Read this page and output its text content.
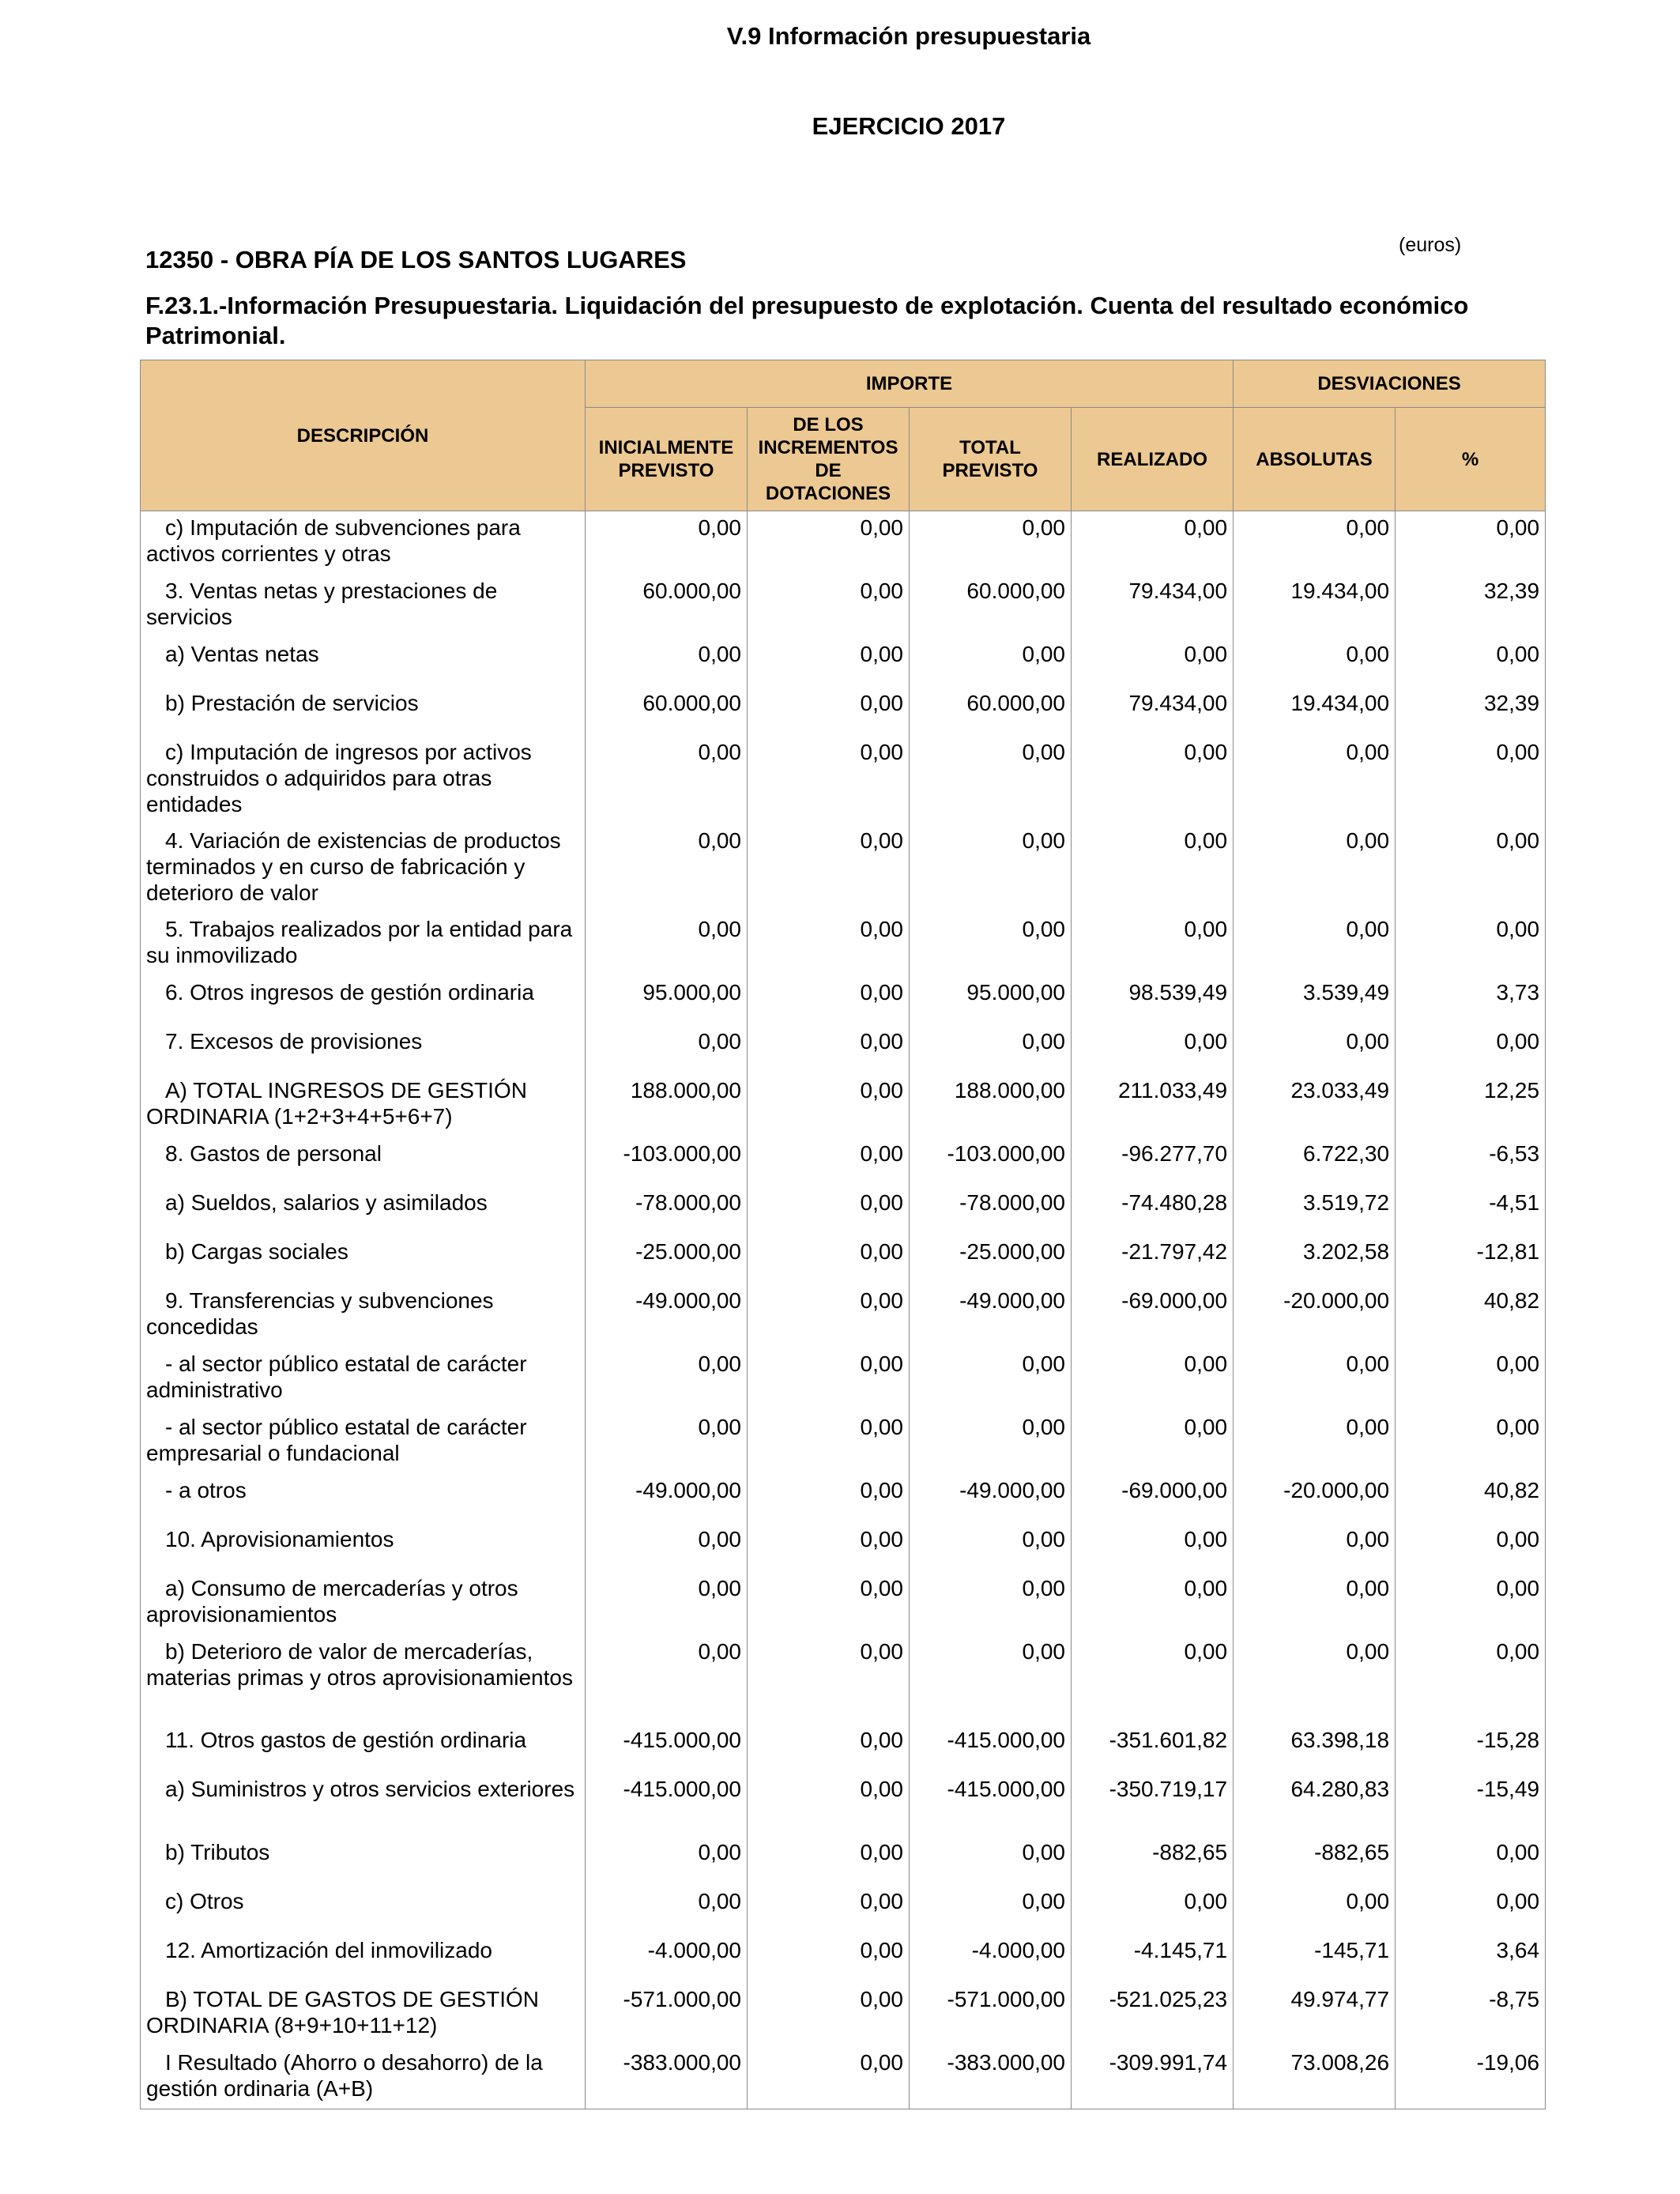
V.9 Información presupuestaria
EJERCICIO 2017
12350 - OBRA PÍA DE LOS SANTOS LUGARES
(euros)
F.23.1.-Información Presupuestaria. Liquidación del presupuesto de explotación. Cuenta del resultado económico Patrimonial.
DESCRIPCIÓN	IMPORTE				DESVIACIONES	
	INICIALMENTE PREVISTO	DE LOS INCREMENTOS DE DOTACIONES	TOTAL PREVISTO	REALIZADO	ABSOLUTAS	%
c) Imputación de subvenciones para activos corrientes y otras	0,00	0,00	0,00	0,00	0,00	0,00
3. Ventas netas y prestaciones de servicios	60.000,00	0,00	60.000,00	79.434,00	19.434,00	32,39
a) Ventas netas	0,00	0,00	0,00	0,00	0,00	0,00
b) Prestación de servicios	60.000,00	0,00	60.000,00	79.434,00	19.434,00	32,39
c) Imputación de ingresos por activos construidos o adquiridos para otras entidades	0,00	0,00	0,00	0,00	0,00	0,00
4. Variación de existencias de productos terminados y en curso de fabricación y deterioro de valor	0,00	0,00	0,00	0,00	0,00	0,00
5. Trabajos realizados por la entidad para su inmovilizado	0,00	0,00	0,00	0,00	0,00	0,00
6. Otros ingresos de gestión ordinaria	95.000,00	0,00	95.000,00	98.539,49	3.539,49	3,73
7. Excesos de provisiones	0,00	0,00	0,00	0,00	0,00	0,00
A) TOTAL INGRESOS DE GESTIÓN ORDINARIA (1+2+3+4+5+6+7)	188.000,00	0,00	188.000,00	211.033,49	23.033,49	12,25
8. Gastos de personal	-103.000,00	0,00	-103.000,00	-96.277,70	6.722,30	-6,53
a) Sueldos, salarios y asimilados	-78.000,00	0,00	-78.000,00	-74.480,28	3.519,72	-4,51
b) Cargas sociales	-25.000,00	0,00	-25.000,00	-21.797,42	3.202,58	-12,81
9. Transferencias y subvenciones concedidas	-49.000,00	0,00	-49.000,00	-69.000,00	-20.000,00	40,82
- al sector público estatal de carácter administrativo	0,00	0,00	0,00	0,00	0,00	0,00
- al sector público estatal de carácter empresarial o fundacional	0,00	0,00	0,00	0,00	0,00	0,00
- a otros	-49.000,00	0,00	-49.000,00	-69.000,00	-20.000,00	40,82
10. Aprovisionamientos	0,00	0,00	0,00	0,00	0,00	0,00
a) Consumo de mercaderías y otros aprovisionamientos	0,00	0,00	0,00	0,00	0,00	0,00
b) Deterioro de valor de mercaderías, materias primas y otros aprovisionamientos	0,00	0,00	0,00	0,00	0,00	0,00
11. Otros gastos de gestión ordinaria	-415.000,00	0,00	-415.000,00	-351.601,82	63.398,18	-15,28
a) Suministros y otros servicios exteriores	-415.000,00	0,00	-415.000,00	-350.719,17	64.280,83	-15,49
b) Tributos	0,00	0,00	0,00	-882,65	-882,65	0,00
c) Otros	0,00	0,00	0,00	0,00	0,00	0,00
12. Amortización del inmovilizado	-4.000,00	0,00	-4.000,00	-4.145,71	-145,71	3,64
B) TOTAL DE GASTOS DE GESTIÓN ORDINARIA (8+9+10+11+12)	-571.000,00	0,00	-571.000,00	-521.025,23	49.974,77	-8,75
I Resultado (Ahorro o desahorro) de la gestión ordinaria (A+B)	-383.000,00	0,00	-383.000,00	-309.991,74	73.008,26	-19,06
